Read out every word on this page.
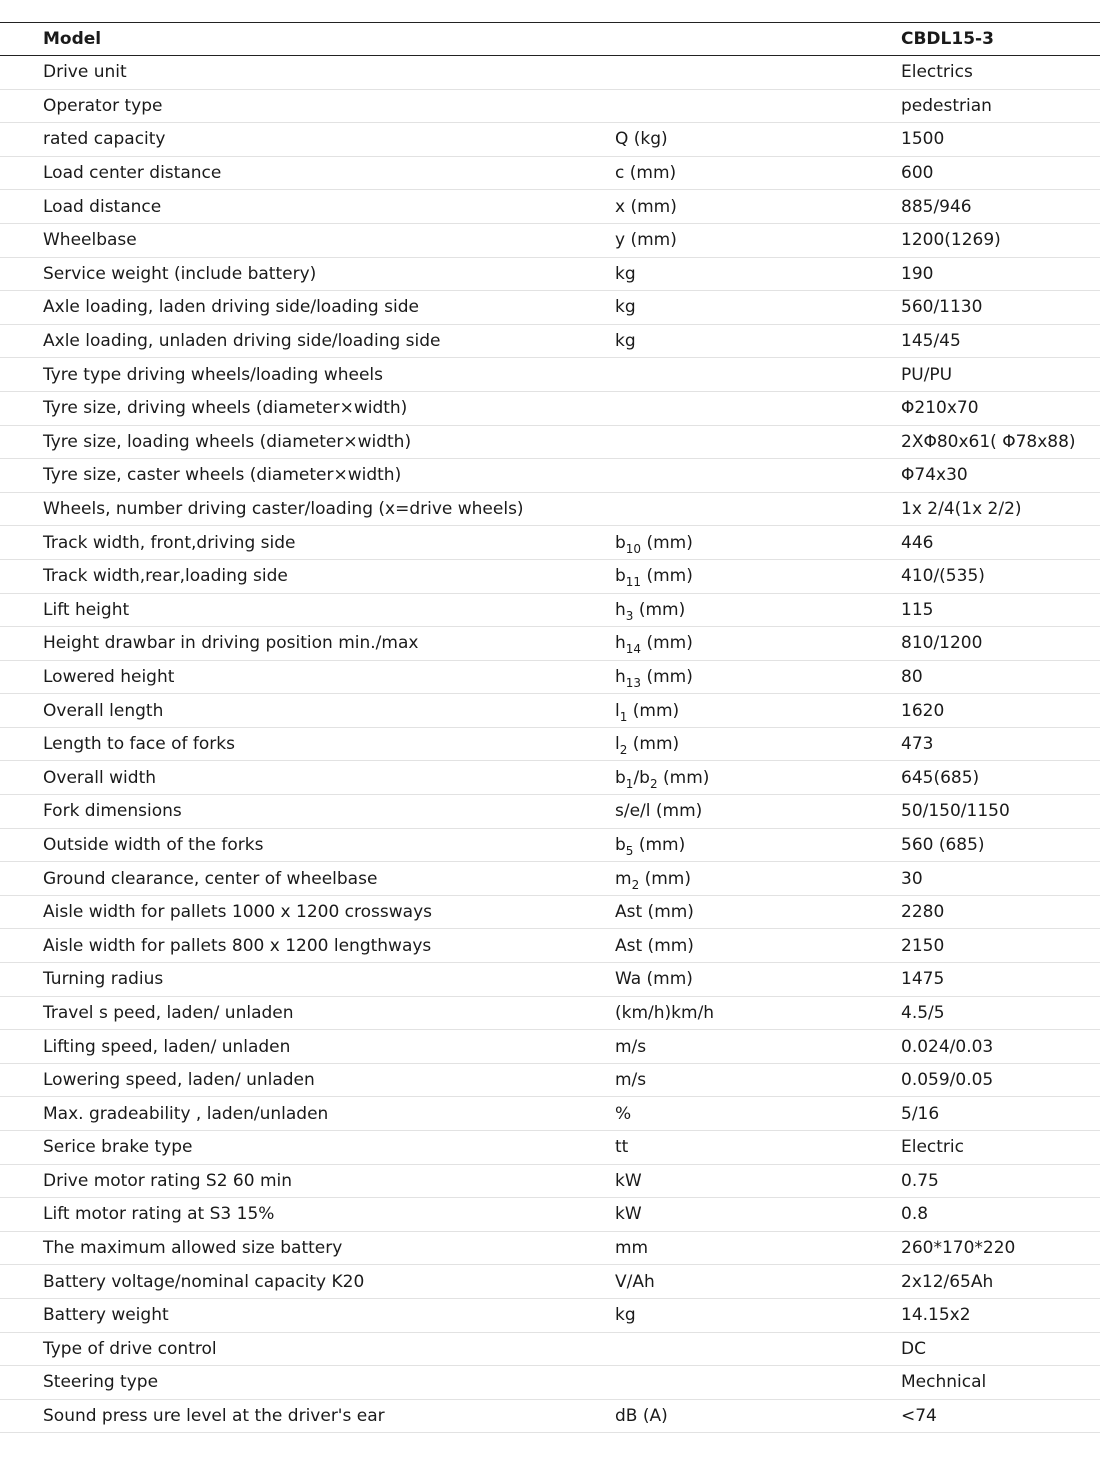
Model		CBDL15-3
Drive unit		Electrics
Operator type		pedestrian
rated capacity	Q (kg)	1500
Load center distance	c (mm)	600
Load distance	x (mm)	885/946
Wheelbase	y (mm)	1200(1269)
Service weight (include battery)	kg	190
Axle loading, laden driving side/loading side	kg	560/1130
Axle loading, unladen driving side/loading side	kg	145/45
Tyre type driving wheels/loading wheels		PU/PU
Tyre size, driving wheels (diameter×width)		Φ210x70
Tyre size, loading wheels (diameter×width)		2XΦ80x61( Φ78x88)
Tyre size, caster wheels (diameter×width)		Φ74x30
Wheels, number driving caster/loading (x=drive wheels)		1x 2/4(1x 2/2)
Track width, front,driving side	$b_{10}$ (mm)	446
Track width,rear,loading side	$b_{11}$ (mm)	410/(535)
Lift height	$h_3$ (mm)	115
Height drawbar in driving position min./max	$h_{14}$ (mm)	810/1200
Lowered height	$h_{13}$ (mm)	80
Overall length	$l_1$ (mm)	1620
Length to face of forks	$l_2$ (mm)	473
Overall width	$b_1/b_2$ (mm)	645(685)
Fork dimensions	s/e/l (mm)	50/150/1150
Outside width of the forks	$b_5$ (mm)	560 (685)
Ground clearance, center of wheelbase	$m_2$ (mm)	30
Aisle width for pallets 1000 x 1200 crossways	Ast (mm)	2280
Aisle width for pallets 800 x 1200 lengthways	Ast (mm)	2150
Turning radius	Wa (mm)	1475
Travel s peed, laden/ unladen	(km/h)km/h	4.5/5
Lifting speed, laden/ unladen	m/s	0.024/0.03
Lowering speed, laden/ unladen	m/s	0.059/0.05
Max. gradeability , laden/unladen	%	5/16
Serice brake type	tt	Electric
Drive motor rating S2 60 min	kW	0.75
Lift motor rating at S3 15%	kW	0.8
The maximum allowed size battery	mm	260*170*220
Battery voltage/nominal capacity K20	V/Ah	2x12/65Ah
Battery weight	kg	14.15x2
Type of drive control		DC
Steering type		Mechnical
Sound press ure level at the driver's ear	dB (A)	<74
